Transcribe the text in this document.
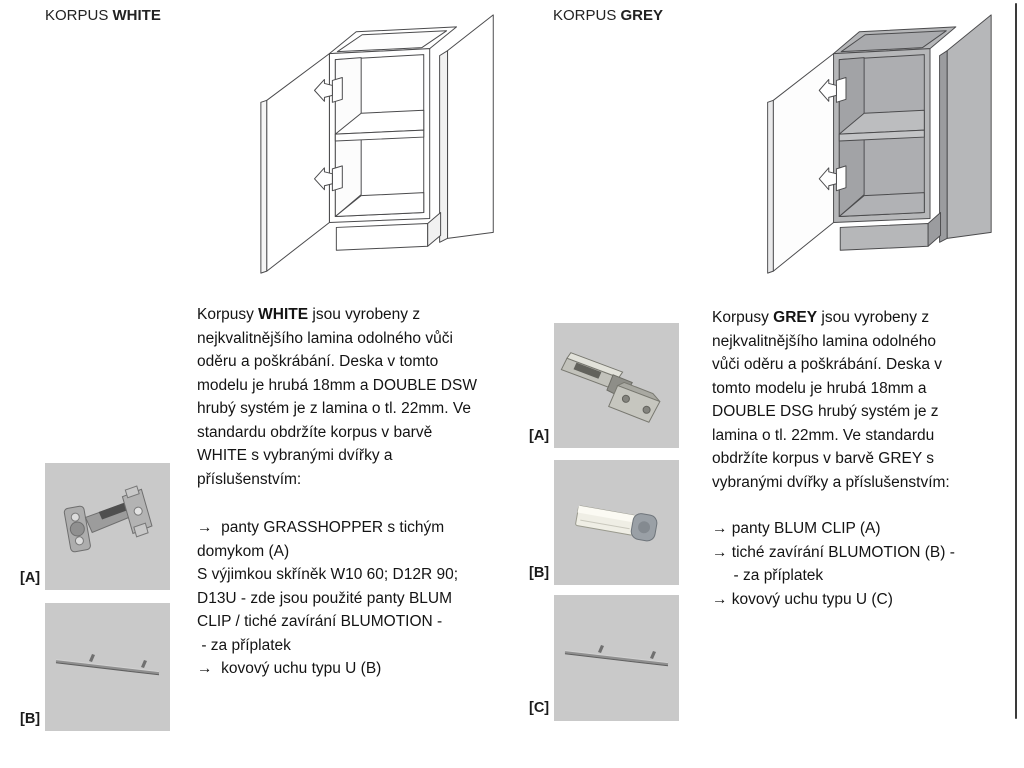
KORPUS WHITE
Korpusy WHITE jsou vyrobeny z
nejkvalitnějšího lamina odolného vůči
oděru a poškrábání. Deska v tomto
modelu je hrubá 18mm a DOUBLE DSW
hrubý systém je z lamina o tl. 22mm. Ve
standardu obdržíte korpus v barvě
WHITE s vybranými dvířky a
příslušenstvím:
→  panty GRASSHOPPER s tichým
domykom (A)
S výjimkou skříněk W10 60; D12R 90;
D13U - zde jsou použité panty BLUM
CLIP / tiché zavírání BLUMOTION -
- za příplatek
→  kovový uchu typu U (B)
[A]
[B]
KORPUS GREY
Korpusy GREY jsou vyrobeny z
nejkvalitnějšího lamina odolného
vůči oděru a poškrábání. Deska v
tomto modelu je hrubá 18mm a
DOUBLE DSG hrubý systém je z
lamina o tl. 22mm. Ve standardu
obdržíte korpus v barvě GREY s
vybranými dvířky a příslušenstvím:
→ panty BLUM CLIP (A)
→ tiché zavírání BLUMOTION (B) -
- za příplatek
→ kovový uchu typu U (C)
[A]
[B]
[C]
